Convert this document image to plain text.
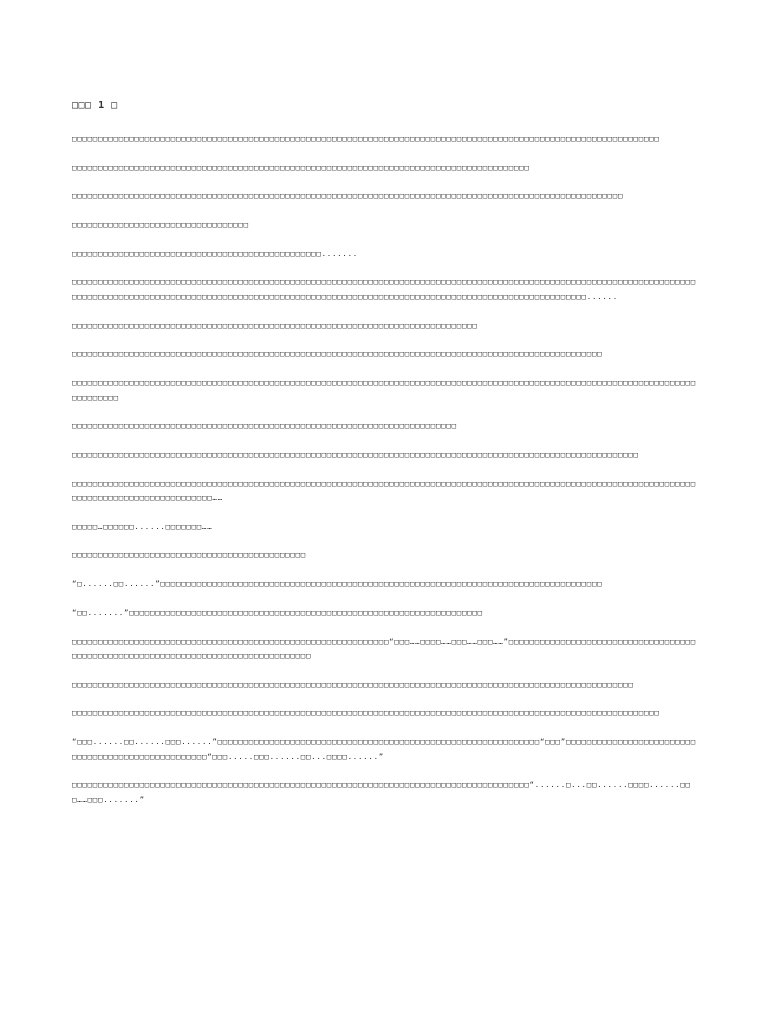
□□□ 1 □

□□□□□□□□□□□□□□□□□□□□□□□□□□□□□□□□□□□□□□□□□□□□□□□□□□□□□□□□□□□□□□□□□□□□□□□□□□□□□□□□□□□□□□□□□□□□□□□□□□□□□□□□□□□□□□□□□

□□□□□□□□□□□□□□□□□□□□□□□□□□□□□□□□□□□□□□□□□□□□□□□□□□□□□□□□□□□□□□□□□□□□□□□□□□□□□□□□□□□□□□□□

□□□□□□□□□□□□□□□□□□□□□□□□□□□□□□□□□□□□□□□□□□□□□□□□□□□□□□□□□□□□□□□□□□□□□□□□□□□□□□□□□□□□□□□□□□□□□□□□□□□□□□□□□□

□□□□□□□□□□□□□□□□□□□□□□□□□□□□□□□□□□

□□□□□□□□□□□□□□□□□□□□□□□□□□□□□□□□□□□□□□□□□□□□□□□□.......

□□□□□□□□□□□□□□□□□□□□□□□□□□□□□□□□□□□□□□□□□□□□□□□□□□□□□□□□□□□□□□□□□□□□□□□□□□□□□□□□□□□□□□□□□□□□□□□□□□□□□□□□□□□□□□□□□□□□□□□□□□□□□□□□□□□□□□□□□□□□□□□□□□□□□□□□□□□□□□□□□□□□□□□□□□□□□□□□□□□□□□□□□□□□□□□□□□□□□□□□□□□□□□□□□□□□□□□□□□□......

□□□□□□□□□□□□□□□□□□□□□□□□□□□□□□□□□□□□□□□□□□□□□□□□□□□□□□□□□□□□□□□□□□□□□□□□□□□□□□

□□□□□□□□□□□□□□□□□□□□□□□□□□□□□□□□□□□□□□□□□□□□□□□□□□□□□□□□□□□□□□□□□□□□□□□□□□□□□□□□□□□□□□□□□□□□□□□□□□□□□□

□□□□□□□□□□□□□□□□□□□□□□□□□□□□□□□□□□□□□□□□□□□□□□□□□□□□□□□□□□□□□□□□□□□□□□□□□□□□□□□□□□□□□□□□□□□□□□□□□□□□□□□□□□□□□□□□□□□□□□□□□□□□□□□□□

□□□□□□□□□□□□□□□□□□□□□□□□□□□□□□□□□□□□□□□□□□□□□□□□□□□□□□□□□□□□□□□□□□□□□□□□□□

□□□□□□□□□□□□□□□□□□□□□□□□□□□□□□□□□□□□□□□□□□□□□□□□□□□□□□□□□□□□□□□□□□□□□□□□□□□□□□□□□□□□□□□□□□□□□□□□□□□□□□□□□□□□□

□□□□□□□□□□□□□□□□□□□□□□□□□□□□□□□□□□□□□□□□□□□□□□□□□□□□□□□□□□□□□□□□□□□□□□□□□□□□□□□□□□□□□□□□□□□□□□□□□□□□□□□□□□□□□□□□□□□□□□□□□□□□□□□□□□□□□□□□□□□□□□□□□□□……

□□□□□…□□□□□□......□□□□□□□……

□□□□□□□□□□□□□□□□□□□□□□□□□□□□□□□□□□□□□□□□□□□□□

“□......□□......”□□□□□□□□□□□□□□□□□□□□□□□□□□□□□□□□□□□□□□□□□□□□□□□□□□□□□□□□□□□□□□□□□□□□□□□□□□□□□□□□□□□□□

“□□.......”□□□□□□□□□□□□□□□□□□□□□□□□□□□□□□□□□□□□□□□□□□□□□□□□□□□□□□□□□□□□□□□□□□□□

□□□□□□□□□□□□□□□□□□□□□□□□□□□□□□□□□□□□□□□□□□□□□□□□□□□□□□□□□□□□□“□□□……□□□□……□□□……□□□……”□□□□□□□□□□□□□□□□□□□□□□□□□□□□□□□□□□□□□□□□□□□□□□□□□□□□□□□□□□□□□□□□□□□□□□□□□□□□□□□□□□

□□□□□□□□□□□□□□□□□□□□□□□□□□□□□□□□□□□□□□□□□□□□□□□□□□□□□□□□□□□□□□□□□□□□□□□□□□□□□□□□□□□□□□□□□□□□□□□□□□□□□□□□□□□□

□□□□□□□□□□□□□□□□□□□□□□□□□□□□□□□□□□□□□□□□□□□□□□□□□□□□□□□□□□□□□□□□□□□□□□□□□□□□□□□□□□□□□□□□□□□□□□□□□□□□□□□□□□□□□□□□□

“□□□......□□......□□□......”□□□□□□□□□□□□□□□□□□□□□□□□□□□□□□□□□□□□□□□□□□□□□□□□□□□□□□□□□□□□□□“□□□”□□□□□□□□□□□□□□□□□□□□□□□□□□□□□□□□□□□□□□□□□□□□□□□□□□□“□□□.....□□□......□□...□□□□......”

□□□□□□□□□□□□□□□□□□□□□□□□□□□□□□□□□□□□□□□□□□□□□□□□□□□□□□□□□□□□□□□□□□□□□□□□□□□□□□□□□□□□□□□□“......□...□□......□□□□......□□□……□□□.......”
